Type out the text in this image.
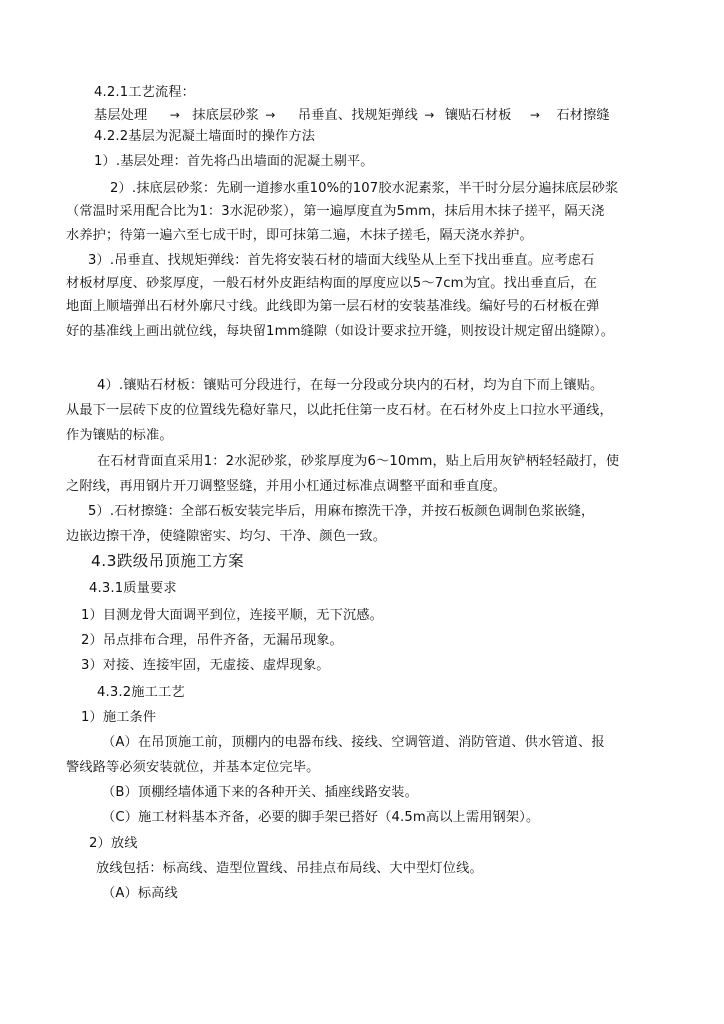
4.2.1工艺流程：
基层处理 → 抹底层砂浆 → 吊垂直、找规矩弹线 → 镶贴石材板 → 石材擦缝
4.2.2基层为泥凝土墙面时的操作方法
1）.基层处理：首先将凸出墙面的泥凝土剔平。
2）.抹底层砂浆：先刷一道掺水重10%的107胶水泥素浆，半干时分层分遍抹底层砂浆
（常温时采用配合比为1：3水泥砂浆），第一遍厚度直为5mm，抹后用木抹子搓平，隔天浇
水养护；待第一遍六至七成干时，即可抹第二遍，木抹子搓毛，隔天浇水养护。
3）.吊垂直、找规矩弹线：首先将安装石材的墙面大线坠从上至下找出垂直。应考虑石
材板材厚度、砂浆厚度，一般石材外皮距结构面的厚度应以5～7cm为宜。找出垂直后，在
地面上顺墙弹出石材外廓尺寸线。此线即为第一层石材的安装基准线。编好号的石材板在弹
好的基准线上画出就位线，每块留1mm缝隙（如设计要求拉开缝，则按设计规定留出缝隙）。
4）.镶贴石材板：镶贴可分段进行，在每一分段或分块内的石材，均为自下而上镶贴。
从最下一层砖下皮的位置线先稳好靠尺，以此托住第一皮石材。在石材外皮上口拉水平通线，
作为镶贴的标准。
在石材背面直采用1：2水泥砂浆，砂浆厚度为6～10mm，贴上后用灰铲柄轻轻敲打，使
之附线，再用钢片开刀调整竖缝，并用小杠通过标准点调整平面和垂直度。
5）.石材擦缝：全部石板安装完毕后，用麻布擦洗干净，并按石板颜色调制色浆嵌缝，
边嵌边擦干净，使缝隙密实、均匀、干净、颜色一致。
4.3跌级吊顶施工方案
4.3.1质量要求
1）目测龙骨大面调平到位，连接平顺，无下沉感。
2）吊点排布合理，吊件齐备，无漏吊现象。
3）对接、连接牢固，无虚接、虚焊现象。
4.3.2施工工艺
1）施工条件
（A）在吊顶施工前，顶棚内的电器布线、接线、空调管道、消防管道、供水管道、报
警线路等必须安装就位，并基本定位完毕。
（B）顶棚经墙体通下来的各种开关、插座线路安装。
（C）施工材料基本齐备，必要的脚手架已搭好（4.5m高以上需用钢架）。
2）放线
放线包括：标高线、造型位置线、吊挂点布局线、大中型灯位线。
（A）标高线
